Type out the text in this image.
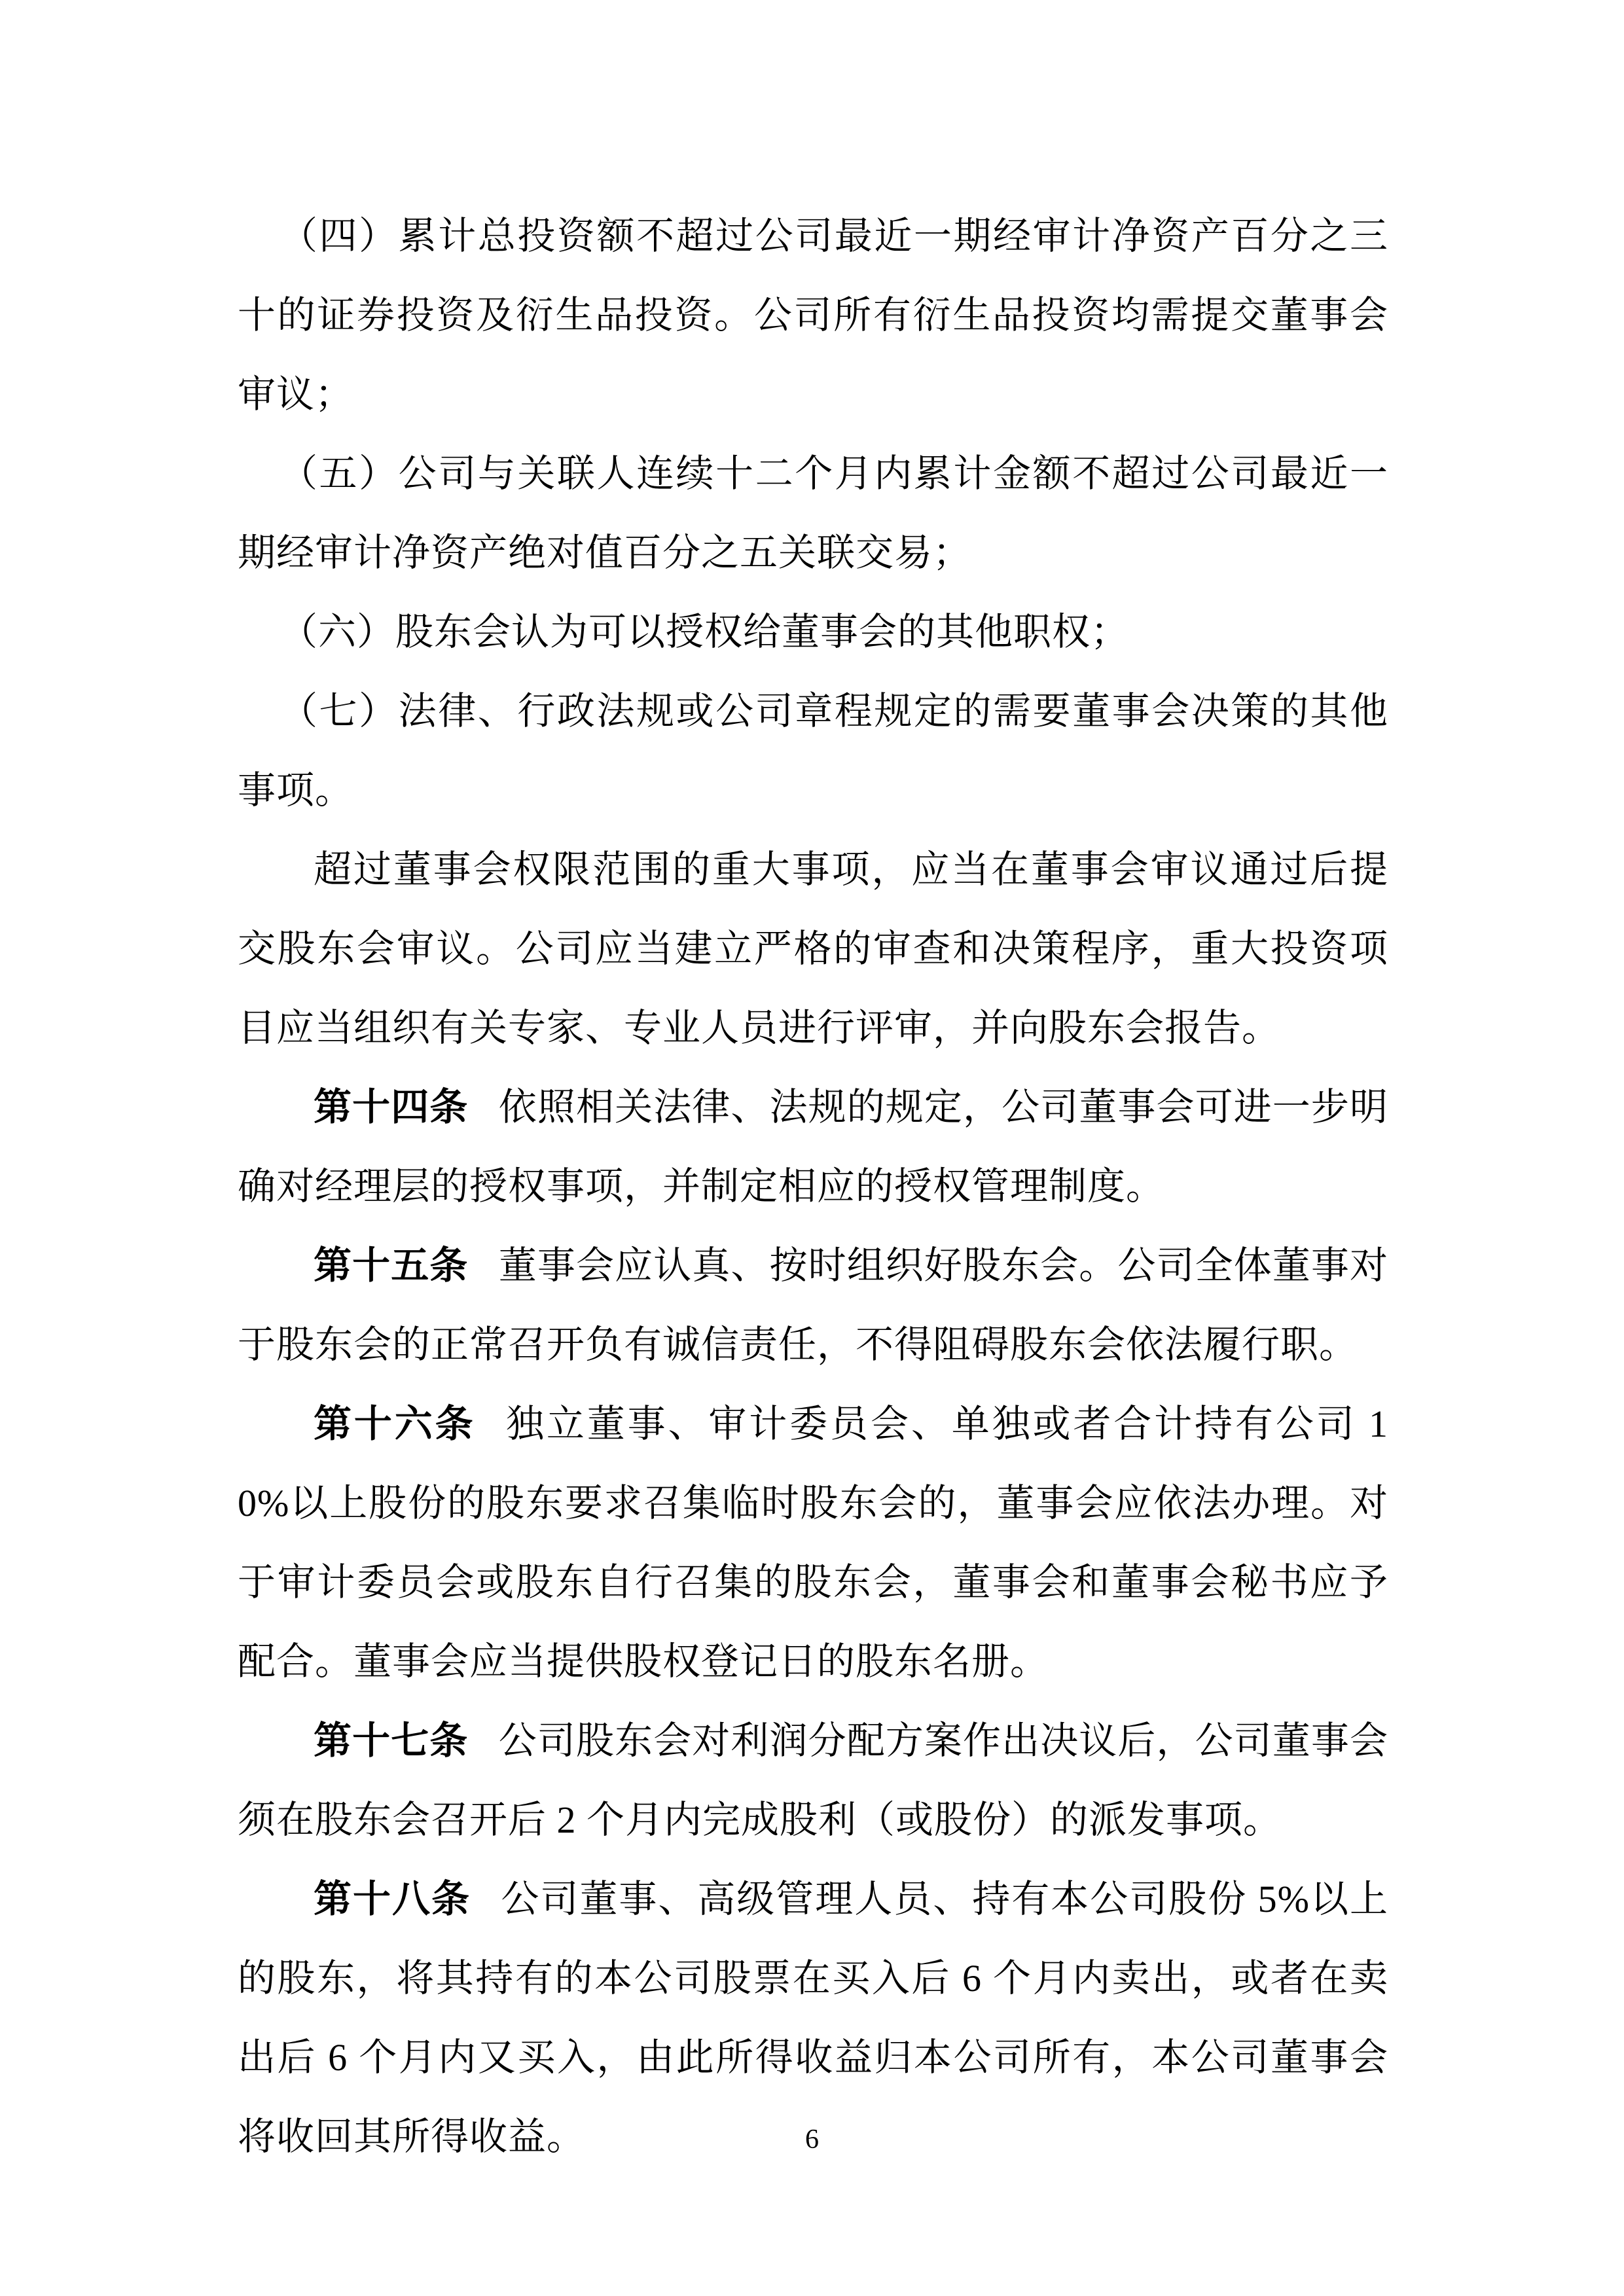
（四）累计总投资额不超过公司最近一期经审计净资产百分之三十的证券投资及衍生品投资。公司所有衍生品投资均需提交董事会审议；

（五）公司与关联人连续十二个月内累计金额不超过公司最近一期经审计净资产绝对值百分之五关联交易；

（六）股东会认为可以授权给董事会的其他职权；

（七）法律、行政法规或公司章程规定的需要董事会决策的其他事项。

超过董事会权限范围的重大事项，应当在董事会审议通过后提交股东会审议。公司应当建立严格的审查和决策程序，重大投资项目应当组织有关专家、专业人员进行评审，并向股东会报告。

第十四条 依照相关法律、法规的规定，公司董事会可进一步明确对经理层的授权事项，并制定相应的授权管理制度。

第十五条 董事会应认真、按时组织好股东会。公司全体董事对于股东会的正常召开负有诚信责任，不得阻碍股东会依法履行职。

第十六条 独立董事、审计委员会、单独或者合计持有公司 10%以上股份的股东要求召集临时股东会的，董事会应依法办理。对于审计委员会或股东自行召集的股东会，董事会和董事会秘书应予配合。董事会应当提供股权登记日的股东名册。

第十七条 公司股东会对利润分配方案作出决议后，公司董事会须在股东会召开后 2 个月内完成股利（或股份）的派发事项。

第十八条 公司董事、高级管理人员、持有本公司股份 5%以上的股东，将其持有的本公司股票在买入后 6 个月内卖出，或者在卖出后 6 个月内又买入，由此所得收益归本公司所有，本公司董事会将收回其所得收益。	6
